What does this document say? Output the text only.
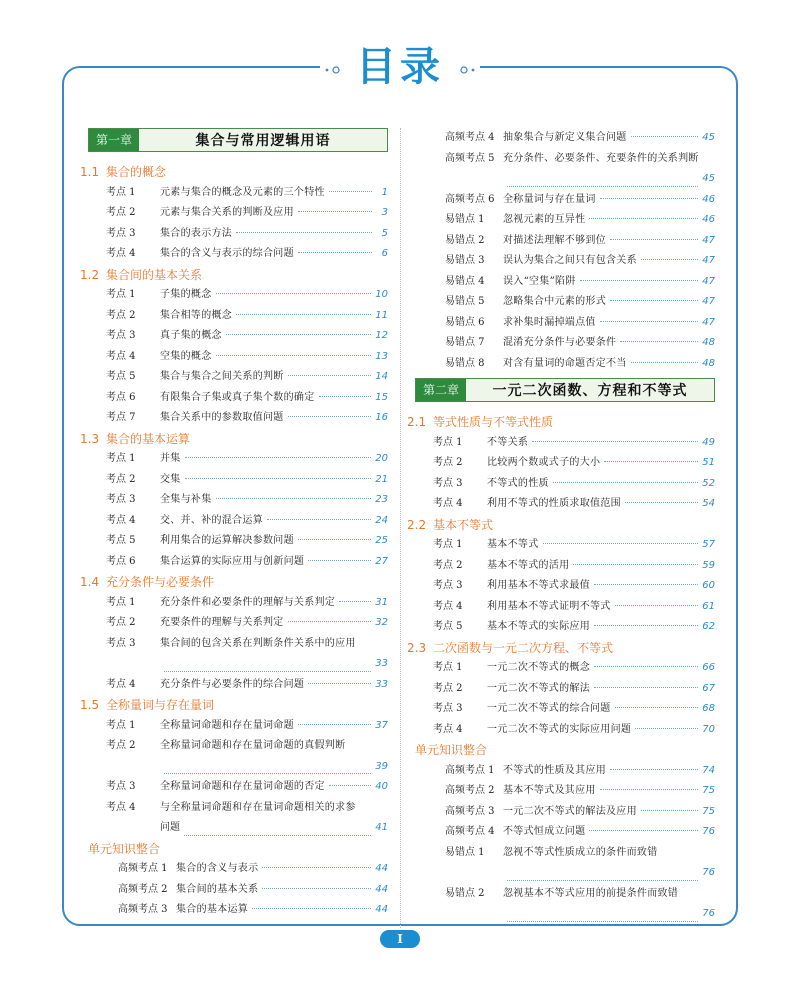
目录
第一章	集合与常用逻辑用语
1.1 集合的概念
考点 1	元素与集合的概念及元素的三个特性	1
考点 2	元素与集合关系的判断及应用	3
考点 3	集合的表示方法	5
考点 4	集合的含义与表示的综合问题	6
1.2 集合间的基本关系
考点 1	子集的概念	10
考点 2	集合相等的概念	11
考点 3	真子集的概念	12
考点 4	空集的概念	13
考点 5	集合与集合之间关系的判断	14
考点 6	有限集合子集或真子集个数的确定	15
考点 7	集合关系中的参数取值问题	16
1.3 集合的基本运算
考点 1	并集	20
考点 2	交集	21
考点 3	全集与补集	23
考点 4	交、并、补的混合运算	24
考点 5	利用集合的运算解决参数问题	25
考点 6	集合运算的实际应用与创新问题	27
1.4 充分条件与必要条件
考点 1	充分条件和必要条件的理解与关系判定	31
考点 2	充要条件的理解与关系判定	32
考点 3	集合间的包含关系在判断条件关系中的应用
33
考点 4	充分条件与必要条件的综合问题	33
1.5 全称量词与存在量词
考点 1	全称量词命题和存在量词命题	37
考点 2	全称量词命题和存在量词命题的真假判断
39
考点 3	全称量词命题和存在量词命题的否定	40
考点 4	与全称量词命题和存在量词命题相关的求参
问题	41
单元知识整合
高频考点 1 集合的含义与表示	44
高频考点 2 集合间的基本关系	44
高频考点 3 集合的基本运算	44
高频考点 4 抽象集合与新定义集合问题	45
高频考点 5 充分条件、必要条件、充要条件的关系判断
45
高频考点 6 全称量词与存在量词	46
易错点 1	忽视元素的互异性	46
易错点 2	对描述法理解不够到位	47
易错点 3	误认为集合之间只有包含关系	47
易错点 4	误入“空集”陷阱	47
易错点 5	忽略集合中元素的形式	47
易错点 6	求补集时漏掉端点值	47
易错点 7	混淆充分条件与必要条件	48
易错点 8	对含有量词的命题否定不当	48
第二章	一元二次函数、方程和不等式
2.1 等式性质与不等式性质
考点 1	不等关系	49
考点 2	比较两个数或式子的大小	51
考点 3	不等式的性质	52
考点 4	利用不等式的性质求取值范围	54
2.2 基本不等式
考点 1	基本不等式	57
考点 2	基本不等式的活用	59
考点 3	利用基本不等式求最值	60
考点 4	利用基本不等式证明不等式	61
考点 5	基本不等式的实际应用	62
2.3 二次函数与一元二次方程、不等式
考点 1	一元二次不等式的概念	66
考点 2	一元二次不等式的解法	67
考点 3	一元二次不等式的综合问题	68
考点 4	一元二次不等式的实际应用问题	70
单元知识整合
高频考点 1 不等式的性质及其应用	74
高频考点 2 基本不等式及其应用	75
高频考点 3 一元二次不等式的解法及应用	75
高频考点 4 不等式恒成立问题	76
易错点 1	忽视不等式性质成立的条件而致错
76
易错点 2	忽视基本不等式应用的前提条件而致错
76
I
